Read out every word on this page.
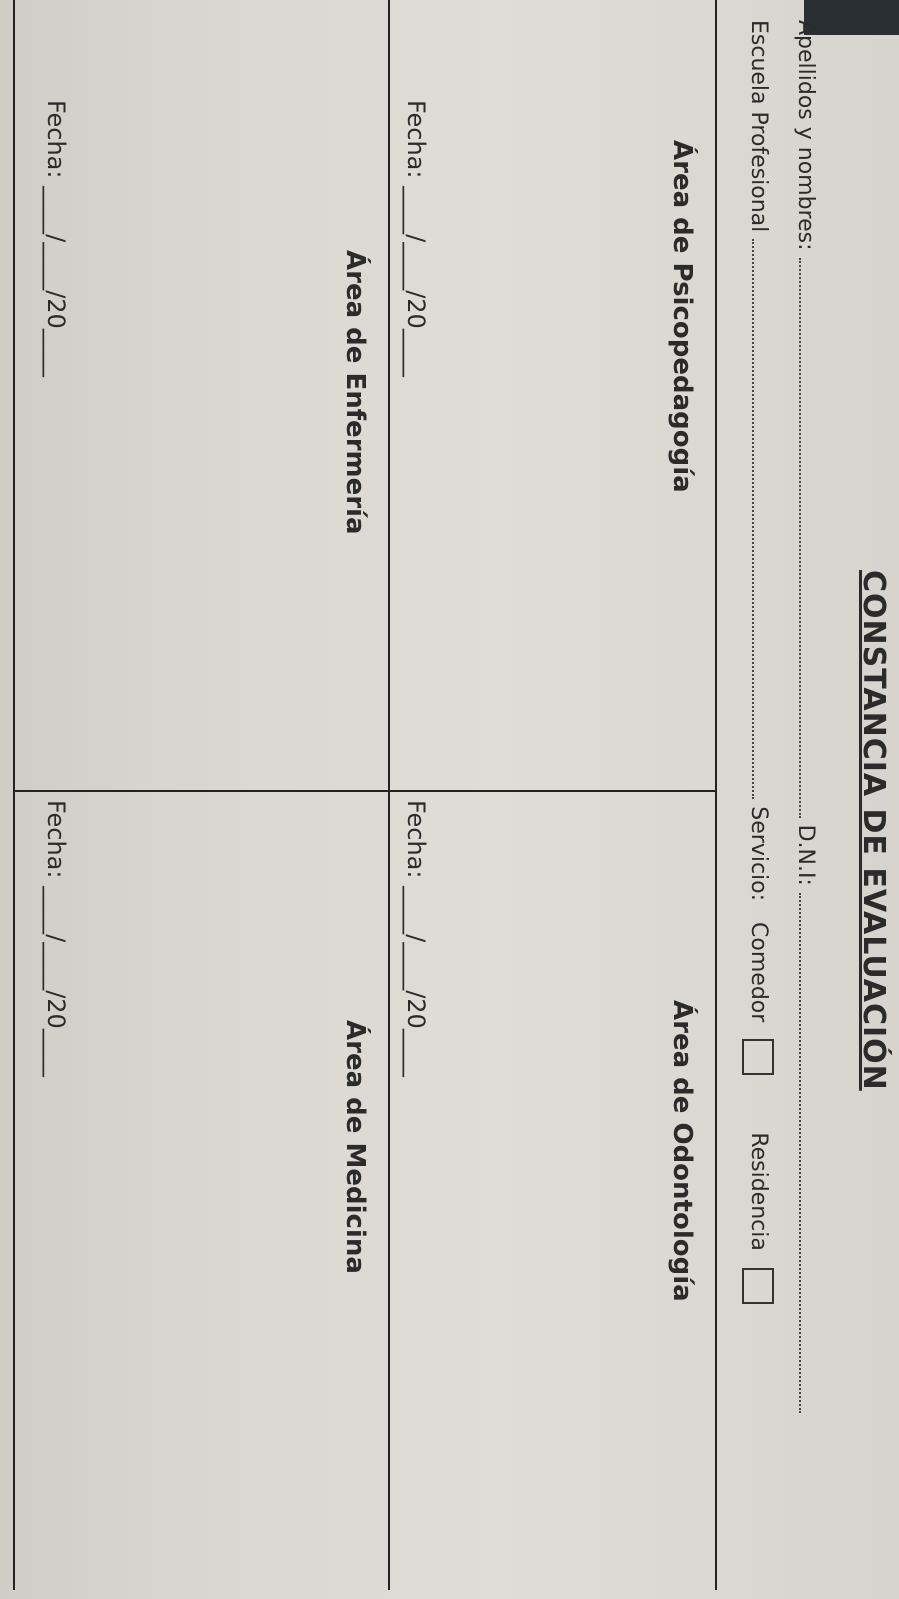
CONSTANCIA DE EVALUACIÓN
Apellidos y nombres:  D.N.I:
Escuela Profesional  Servicio: Comedor  Residencia
Área de Psicopedagogía
Fecha: ____/____/20____
Área de Odontología
Fecha: ____/____/20____
Área de Enfermería
Fecha: ____/____/20____
Área de Medicina
Fecha: ____/____/20____
